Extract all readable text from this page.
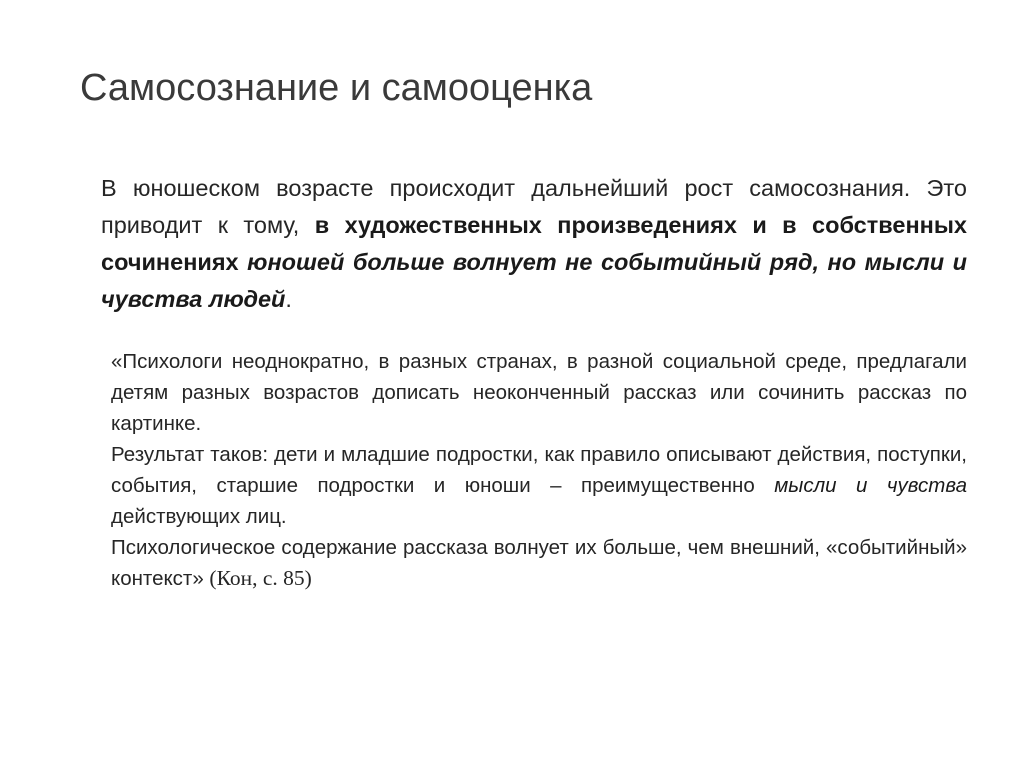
Самосознание и самооценка

В юношеском возрасте происходит дальнейший рост самосознания. Это приводит к тому, в художественных произведениях и в собственных сочинениях юношей больше волнует не событийный ряд, но мысли и чувства людей.

«Психологи неоднократно, в разных странах, в разной социальной среде, предлагали детям разных возрастов дописать неоконченный рассказ или сочинить рассказ по картинке.

Результат таков: дети и младшие подростки, как правило описывают действия, поступки, события, старшие подростки и юноши – преимущественно мысли и чувства действующих лиц.

Психологическое содержание рассказа волнует их больше, чем внешний, «событийный» контекст» (Кон, с. 85)
